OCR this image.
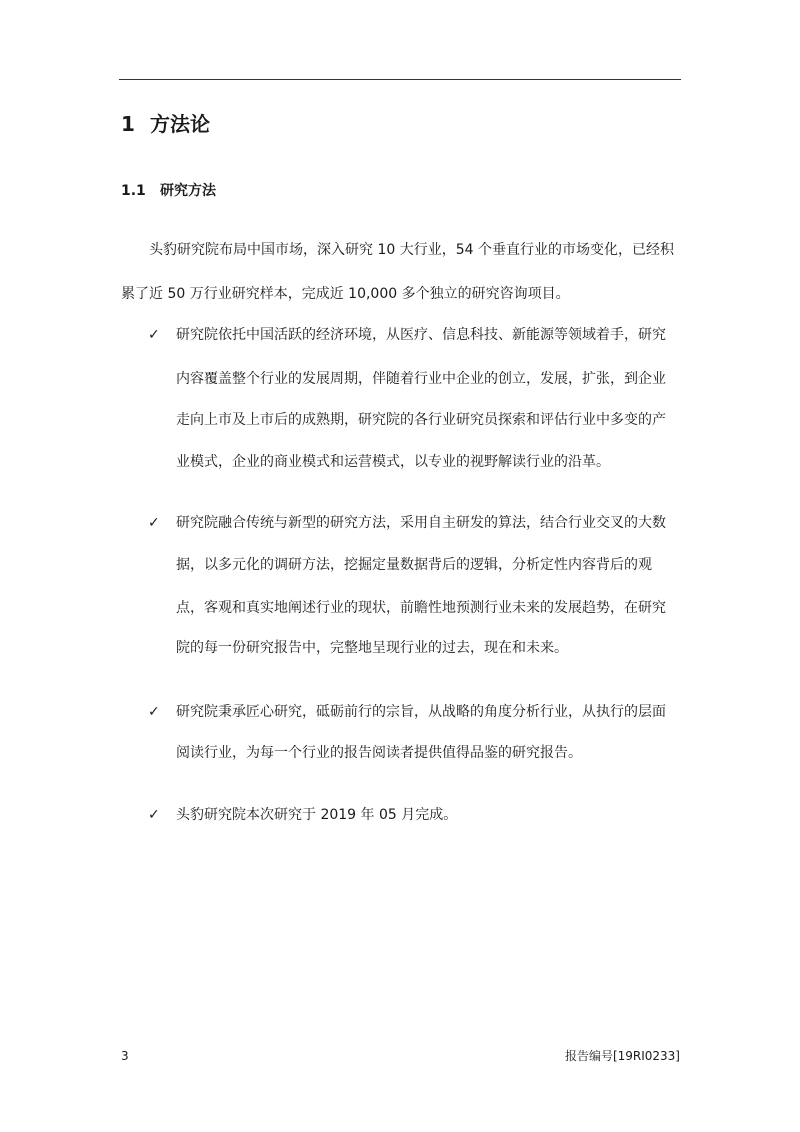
1 方法论
1.1 研究方法
头豹研究院布局中国市场，深入研究 10 大行业，54 个垂直行业的市场变化，已经积
累了近 50 万行业研究样本，完成近 10,000 多个独立的研究咨询项目。
✓ 研究院依托中国活跃的经济环境，从医疗、信息科技、新能源等领域着手，研究
内容覆盖整个行业的发展周期，伴随着行业中企业的创立，发展，扩张，到企业
走向上市及上市后的成熟期，研究院的各行业研究员探索和评估行业中多变的产
业模式，企业的商业模式和运营模式，以专业的视野解读行业的沿革。
✓ 研究院融合传统与新型的研究方法，采用自主研发的算法，结合行业交叉的大数
据，以多元化的调研方法，挖掘定量数据背后的逻辑，分析定性内容背后的观
点，客观和真实地阐述行业的现状，前瞻性地预测行业未来的发展趋势，在研究
院的每一份研究报告中，完整地呈现行业的过去，现在和未来。
✓ 研究院秉承匠心研究，砥砺前行的宗旨，从战略的角度分析行业，从执行的层面
阅读行业，为每一个行业的报告阅读者提供值得品鉴的研究报告。
✓ 头豹研究院本次研究于 2019 年 05 月完成。
3	报告编号[19RI0233]
